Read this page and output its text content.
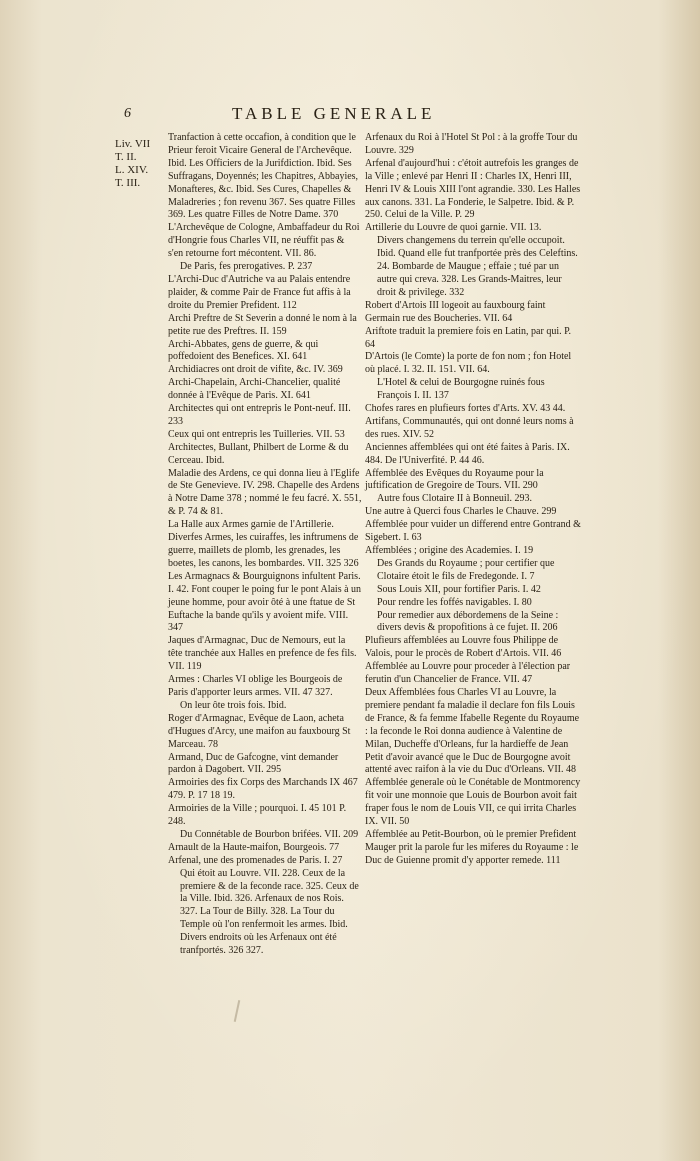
6	TABLE GENERALE
Liv. VII
T. II.
L. XIV.
T. III.

Tranfaction à cette occafion, à condition que le Prieur feroit Vicaire General de l'Archevêque. Ibid. Les Officiers de la Jurifdiction. Ibid. Ses Suffragans, Doyennés; les Chapitres, Abbayies, Monafteres, &c. Ibid. Ses Cures, Chapelles & Maladreries ; fon revenu 367. Ses quatre Filles 369. Les quatre Filles de Notre Dame. 370

L'Archevêque de Cologne, Ambaffadeur du Roi d'Hongrie fous Charles VII, ne réuffit pas & s'en retourne fort mécontent. VII. 86.

De Paris, fes prerogatives. P. 237

L'Archi-Duc d'Autriche va au Palais entendre plaider, & comme Pair de France fut affis à la droite du Premier Prefident. 112

Archi Preftre de St Severin a donné le nom à la petite rue des Preftres. II. 159

Archi-Abbates, gens de guerre, & qui poffedoient des Benefices. XI. 641

Archidiacres ont droit de vifite, &c. IV. 369

Archi-Chapelain, Archi-Chancelier, qualité donnée à l'Evêque de Paris. XI. 641

Architectes qui ont entrepris le Pont-neuf. III. 233

Ceux qui ont entrepris les Tuilleries. VII. 53

Architectes, Bullant, Philbert de Lorme & du Cerceau. Ibid.

Maladie des Ardens, ce qui donna lieu à l'Eglife de Ste Genevieve. IV. 298. Chapelle des Ardens à Notre Dame 378 ; nommé le feu facré. X. 551, & P. 74 & 81.

La Halle aux Armes garnie de l'Artillerie.

Diverfes Armes, les cuiraffes, les inftrumens de guerre, maillets de plomb, les grenades, les boetes, les canons, les bombardes. VII. 325 326

Les Armagnacs & Bourguignons infultent Paris. I. 42. Font couper le poing fur le pont Alais à un jeune homme, pour avoir ôté à une ftatue de St Euftache la bande qu'ils y avoient mife. VIII. 347

Jaques d'Armagnac, Duc de Nemours, eut la tête tranchée aux Halles en prefence de fes fils. VII. 119

Armes : Charles VI oblige les Bourgeois de Paris d'apporter leurs armes. VII. 47 327.

On leur ôte trois fois. Ibid.

Roger d'Armagnac, Evêque de Laon, acheta d'Hugues d'Arcy, une maifon au fauxbourg St Marceau. 78

Armand, Duc de Gafcogne, vint demander pardon à Dagobert. VII. 295

Armoiries des fix Corps des Marchands IX 467 479. P. 17 18 19.

Armoiries de la Ville ; pourquoi. I. 45 101 P. 248.

Du Connétable de Bourbon brifées. VII. 209

Arnault de la Haute-maifon, Bourgeois. 77

Arfenal, une des promenades de Paris. I. 27

Qui étoit au Louvre. VII. 228. Ceux de la premiere & de la feconde race. 325. Ceux de la Ville. Ibid. 326. Arfenaux de nos Rois. 327. La Tour de Billy. 328. La Tour du Temple où l'on renfermoit les armes. Ibid. Divers endroits où les Arfenaux ont été tranfportés. 326 327.

Arfenaux du Roi à l'Hotel St Pol : à la groffe Tour du Louvre. 329

Arfenal d'aujourd'hui : c'étoit autrefois les granges de la Ville ; enlevé par Henri II : Charles IX, Henri III, Henri IV & Louis XIII l'ont agrandie. 330. Les Halles aux canons. 331. La Fonderie, le Salpetre. Ibid. & P. 250. Celui de la Ville. P. 29

Artillerie du Louvre de quoi garnie. VII. 13.

Divers changemens du terrein qu'elle occupoit. Ibid. Quand elle fut tranfportée près des Celeftins. 24. Bombarde de Maugue ; effaie ; tué par un autre qui creva. 328. Les Grands-Maitres, leur droit & privilege. 332

Robert d'Artois III logeoit au fauxbourg faint Germain rue des Boucheries. VII. 64

Ariftote traduit la premiere fois en Latin, par qui. P. 64

D'Artois (le Comte) la porte de fon nom ; fon Hotel où placé. I. 32. II. 151. VII. 64.

L'Hotel & celui de Bourgogne ruinés fous François I. II. 137

Chofes rares en plufieurs fortes d'Arts. XV. 43 44.

Artifans, Communautés, qui ont donné leurs noms à des rues. XIV. 52

Anciennes affemblées qui ont été faites à Paris. IX. 484. De l'Univerfité. P. 44 46.

Affemblée des Evêques du Royaume pour la juftification de Gregoire de Tours. VII. 290

Autre fous Clotaire II à Bonneuil. 293.

Une autre à Querci fous Charles le Chauve. 299

Affemblée pour vuider un differend entre Gontrand & Sigebert. I. 63

Affemblées ; origine des Academies. I. 19

Des Grands du Royaume ; pour certifier que Clotaire étoit le fils de Fredegonde. I. 7

Sous Louis XII, pour fortifier Paris. I. 42

Pour rendre les foffés navigables. I. 80

Pour remedier aux débordemens de la Seine : divers devis & propofitions à ce fujet. II. 206

Plufieurs affemblées au Louvre fous Philippe de Valois, pour le procès de Robert d'Artois. VII. 46

Affemblée au Louvre pour proceder à l'élection par ferutin d'un Chancelier de France. VII. 47

Deux Affemblées fous Charles VI au Louvre, la premiere pendant fa maladie il declare fon fils Louis de France, & fa femme Ifabelle Regente du Royaume : la feconde le Roi donna audience à Valentine de Milan, Ducheffe d'Orleans, fur la hardieffe de Jean Petit d'avoir avancé que le Duc de Bourgogne avoit attenté avec raifon à la vie du Duc d'Orleans. VII. 48

Affemblée generale où le Conétable de Montmorency fit voir une monnoie que Louis de Bourbon avoit fait fraper fous le nom de Louis VII, ce qui irrita Charles IX. VII. 50

Affemblée au Petit-Bourbon, où le premier Prefident Mauger prit la parole fur les miferes du Royaume : le Duc de Guienne promit d'y apporter remede. 111
